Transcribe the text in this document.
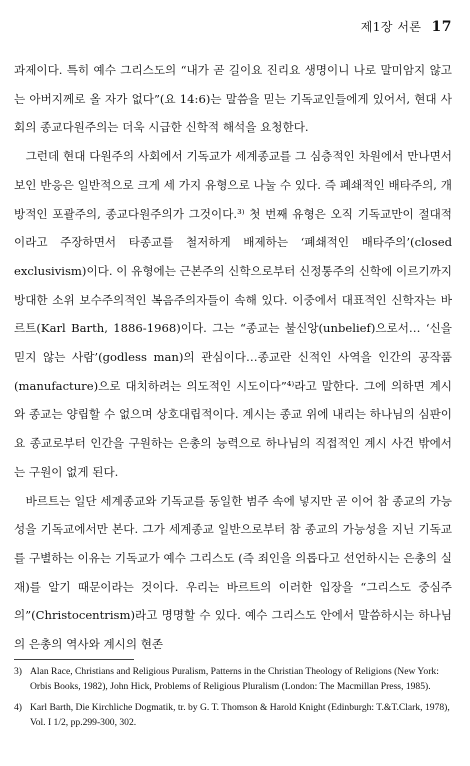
제1장 서론 17

과제이다. 특히 예수 그리스도의 “내가 곧 길이요 진리요 생명이니 나로 말미암지 않고는 아버지께로 올 자가 없다”(요 14:6)는 말씀을 믿는 기독교인들에게 있어서, 현대 사회의 종교다원주의는 더욱 시급한 신학적 해석을 요청한다.

그런데 현대 다원주의 사회에서 기독교가 세계종교를 그 심층적인 차원에서 만나면서 보인 반응은 일반적으로 크게 세 가지 유형으로 나눌 수 있다. 즉 폐쇄적인 배타주의, 개방적인 포괄주의, 종교다원주의가 그것이다.³⁾ 첫 번째 유형은 오직 기독교만이 절대적이라고 주장하면서 타종교를 철저하게 배제하는 ‘폐쇄적인 배타주의’(closed exclusivism)이다. 이 유형에는 근본주의 신학으로부터 신정통주의 신학에 이르기까지 방대한 소위 보수주의적인 복음주의자들이 속해 있다. 이중에서 대표적인 신학자는 바르트(Karl Barth, 1886-1968)이다. 그는 “종교는 불신앙(unbelief)으로서… ‘신을 믿지 않는 사람’(godless man)의 관심이다…종교란 신적인 사역을 인간의 공작품(manufacture)으로 대치하려는 의도적인 시도이다”⁴⁾라고 말한다. 그에 의하면 계시와 종교는 양립할 수 없으며 상호대립적이다. 계시는 종교 위에 내리는 하나님의 심판이요 종교로부터 인간을 구원하는 은총의 능력으로 하나님의 직접적인 계시 사건 밖에서는 구원이 없게 된다.

바르트는 일단 세계종교와 기독교를 동일한 범주 속에 넣지만 곧 이어 참 종교의 가능성을 기독교에서만 본다. 그가 세계종교 일반으로부터 참 종교의 가능성을 지닌 기독교를 구별하는 이유는 기독교가 예수 그리스도 (즉 죄인을 의롭다고 선언하시는 은총의 실재)를 알기 때문이라는 것이다. 우리는 바르트의 이러한 입장을 “그리스도 중심주의”(Christocentrism)라고 명명할 수 있다. 예수 그리스도 안에서 말씀하시는 하나님의 은총의 역사와 계시의 현존

3) Alan Race, Christians and Religious Puralism, Patterns in the Christian Theology of Religions (New York: Orbis Books, 1982), John Hick, Problems of Religious Pluralism (London: The Macmillan Press, 1985).
4) Karl Barth, Die Kirchliche Dogmatik, tr. by G. T. Thomson & Harold Knight (Edinburgh: T.&T.Clark, 1978), Vol. I 1/2, pp.299-300, 302.
